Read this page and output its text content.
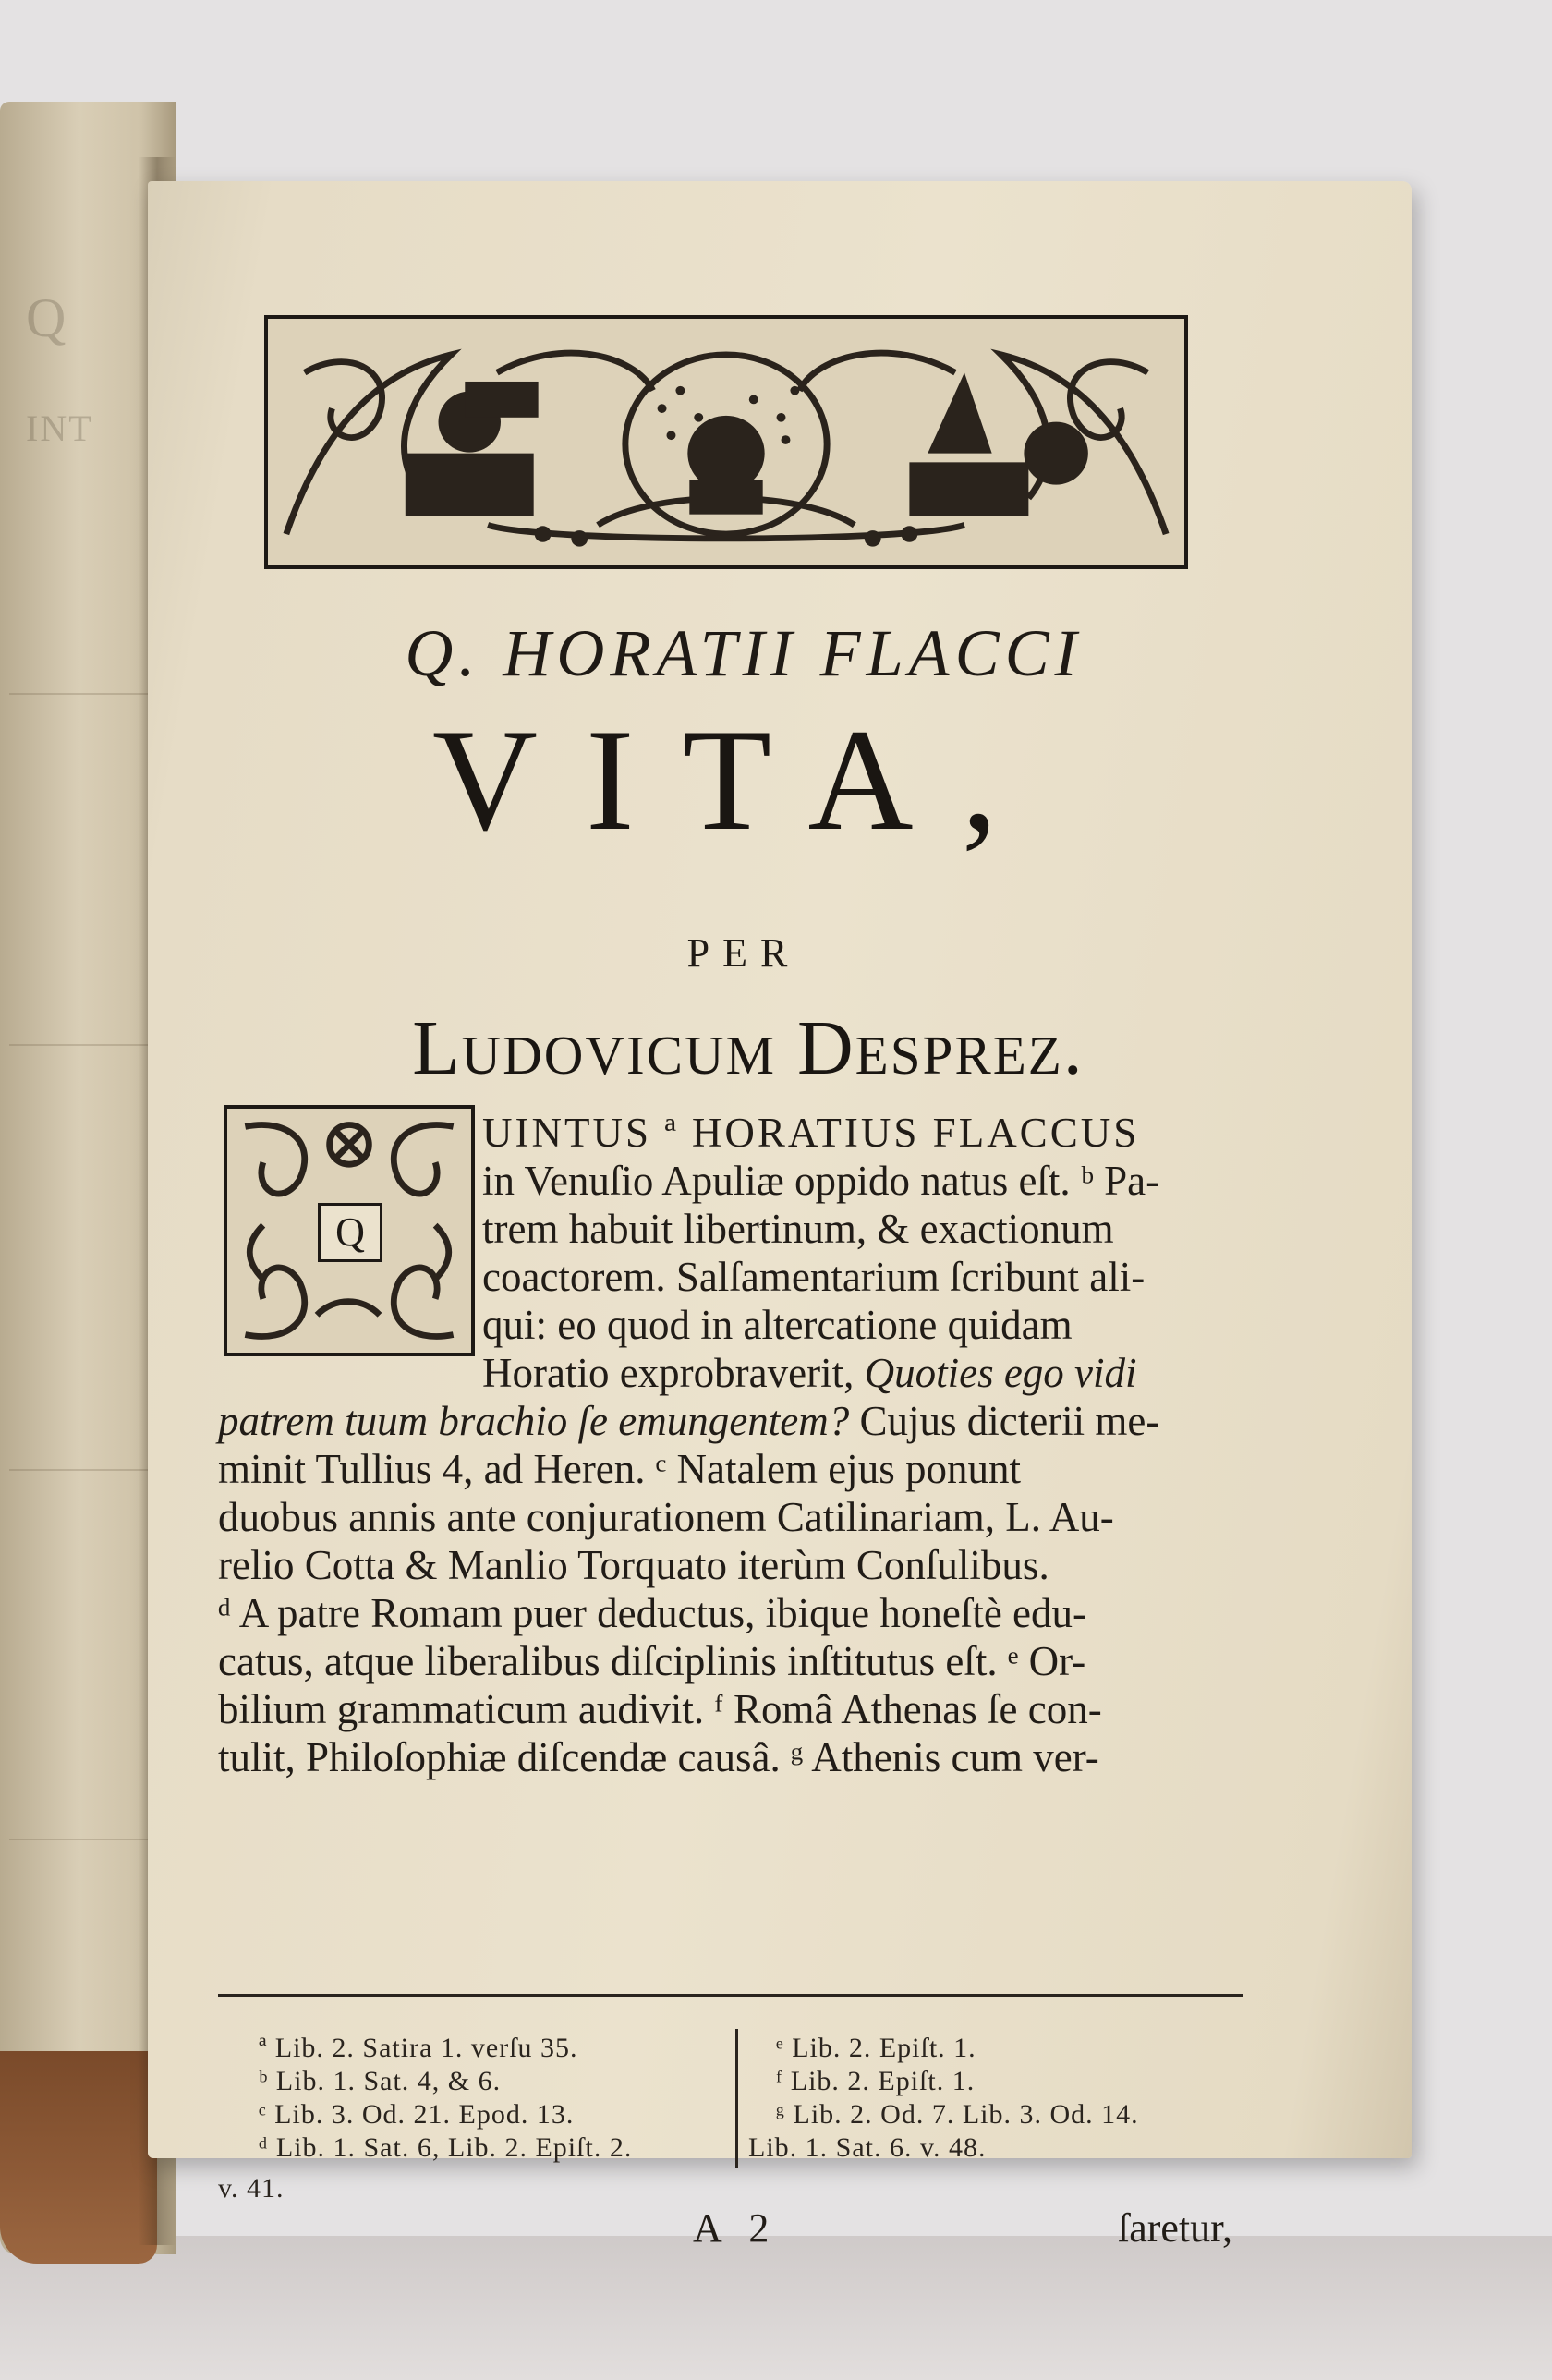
Q
INT
Q. HORATII FLACCI
VITA,
PER
Ludovicum Desprez.
Q
UINTUS ª HORATIUS FLACCUS
in Venuſio Apuliæ oppido natus eſt. ᵇ Pa-
trem habuit libertinum, & exactionum
coactorem. Salſamentarium ſcribunt ali-
qui: eo quod in altercatione quidam
Horatio exprobraverit, Quoties ego vidi
patrem tuum brachio ſe emungentem? Cujus dicterii me-
minit Tullius 4, ad Heren. ᶜ Natalem ejus ponunt
duobus annis ante conjurationem Catilinariam, L. Au-
relio Cotta & Manlio Torquato iterùm Conſulibus.
ᵈ A patre Romam puer deductus, ibique honeſtè edu-
catus, atque liberalibus diſciplinis inſtitutus eſt. ᵉ Or-
bilium grammaticum audivit. ᶠ Româ Athenas ſe con-
tulit, Philoſophiæ diſcendæ causâ. ᵍ Athenis cum ver-
ª Lib. 2. Satira 1. verſu 35.
ᵇ Lib. 1. Sat. 4, & 6.
ᶜ Lib. 3. Od. 21. Epod. 13.
ᵈ Lib. 1. Sat. 6, Lib. 2. Epiſt. 2.
v. 41.
ᵉ Lib. 2. Epiſt. 1.
ᶠ Lib. 2. Epiſt. 1.
ᵍ Lib. 2. Od. 7. Lib. 3. Od. 14.
Lib. 1. Sat. 6. v. 48.
A 2	ſaretur,
